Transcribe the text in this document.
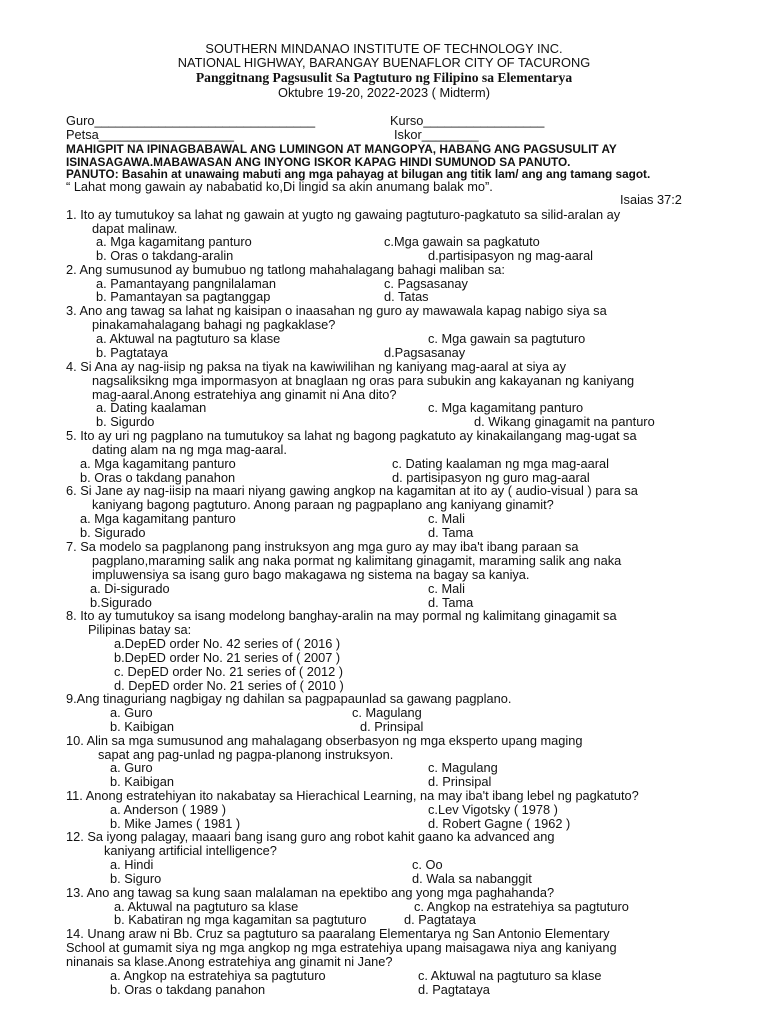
SOUTHERN MINDANAO INSTITUTE OF TECHNOLOGY INC.
NATIONAL HIGHWAY, BARANGAY BUENAFLOR CITY OF TACURONG
Panggitnang Pagsusulit Sa Pagtuturo ng Filipino sa Elementarya
Oktubre 19-20, 2022-2023 ( Midterm)
Guro_______________________________	Kurso_________________
Petsa___________________	Iskor________
MAHIGPIT NA IPINAGBABAWAL ANG LUMINGON AT MANGOPYA, HABANG ANG PAGSUSULIT AY
ISINASAGAWA.MABAWASAN ANG INYONG ISKOR KAPAG HINDI SUMUNOD SA PANUTO.
PANUTO: Basahin at unawaing mabuti ang mga pahayag at bilugan ang titik lam/ ang ang tamang sagot.
“ Lahat mong gawain ay nababatid ko,Di lingid sa akin anumang balak mo”.
Isaias 37:2
1. Ito ay tumutukoy sa lahat ng gawain at yugto ng gawaing pagtuturo-pagkatuto sa silid-aralan ay
dapat malinaw.
a. Mga kagamitang panturo	c.Mga gawain sa pagkatuto
b. Oras o takdang-aralin	d.partisipasyon ng mag-aaral
2. Ang sumusunod ay bumubuo ng tatlong mahahalagang bahagi maliban sa:
a. Pamantayang pangnilalaman	c. Pagsasanay
b. Pamantayan sa pagtanggap	d. Tatas
3. Ano ang tawag sa lahat ng kaisipan o inaasahan ng guro ay mawawala kapag nabigo siya sa
pinakamahalagang bahagi ng pagkaklase?
a. Aktuwal na pagtuturo sa klase	c. Mga gawain sa pagtuturo
b. Pagtataya	d.Pagsasanay
4. Si Ana ay nag-iisip ng paksa na tiyak na kawiwilihan ng kaniyang mag-aaral at siya ay
nagsaliksikng mga impormasyon at bnaglaan ng oras para subukin ang kakayanan ng kaniyang
mag-aaral.Anong estratehiya ang ginamit ni Ana dito?
a. Dating kaalaman	c. Mga kagamitang panturo
b. Sigurdo	d. Wikang ginagamit na panturo
5. Ito ay uri ng pagplano na tumutukoy sa lahat ng bagong pagkatuto ay kinakailangang mag-ugat sa
dating alam na ng mga mag-aaral.
a. Mga kagamitang panturo	c. Dating kaalaman ng mga mag-aaral
b. Oras o takdang panahon	d. partisipasyon ng guro mag-aaral
6. Si Jane ay nag-iisip na maari niyang gawing angkop na kagamitan at ito ay ( audio-visual ) para sa
kaniyang bagong pagtuturo. Anong paraan ng pagpaplano ang kaniyang ginamit?
a. Mga kagamitang panturo	c. Mali
b. Sigurado	d. Tama
7. Sa modelo sa pagplanong pang instruksyon ang mga guro ay may iba't ibang paraan sa
pagplano,maraming salik ang naka pormat ng kalimitang ginagamit, maraming salik ang naka
impluwensiya sa isang guro bago makagawa ng sistema na bagay sa kaniya.
a. Di-sigurado	c. Mali
b.Sigurado	d. Tama
8. Ito ay tumutukoy sa isang modelong banghay-aralin na may pormal ng kalimitang ginagamit sa
Pilipinas batay sa:
a.DepED order No. 42 series of ( 2016 )
b.DepED order No. 21 series of ( 2007 )
c. DepED order No. 21 series of ( 2012 )
d. DepED order No. 21 series of ( 2010 )
9.Ang tinaguriang nagbigay ng dahilan sa pagpapaunlad sa gawang pagplano.
a. Guro	c. Magulang
b. Kaibigan	d. Prinsipal
10. Alin sa mga sumusunod ang mahalagang obserbasyon ng mga eksperto upang maging
sapat ang pag-unlad ng pagpa-planong instruksyon.
a. Guro	c. Magulang
b. Kaibigan	d. Prinsipal
11. Anong estratehiyan ito nakabatay sa Hierachical Learning, na may iba't ibang lebel ng pagkatuto?
a. Anderson ( 1989 )	c.Lev Vigotsky ( 1978 )
b. Mike James ( 1981 )	d. Robert Gagne ( 1962 )
12. Sa iyong palagay, maaari bang isang guro ang robot kahit gaano ka advanced ang
kaniyang artificial intelligence?
a. Hindi	c. Oo
b. Siguro	d. Wala sa nabanggit
13. Ano ang tawag sa kung saan malalaman na epektibo ang yong mga paghahanda?
a. Aktuwal na pagtuturo sa klase	c. Angkop na estratehiya sa pagtuturo
b. Kabatiran ng mga kagamitan sa pagtuturo	d. Pagtataya
14. Unang araw ni Bb. Cruz sa pagtuturo sa paaralang Elementarya ng San Antonio Elementary
School at gumamit siya ng mga angkop ng mga estratehiya upang maisagawa niya ang kaniyang
ninanais sa klase.Anong estratehiya ang ginamit ni Jane?
a. Angkop na estratehiya sa pagtuturo	c. Aktuwal na pagtuturo sa klase
b. Oras o takdang panahon	d. Pagtataya
